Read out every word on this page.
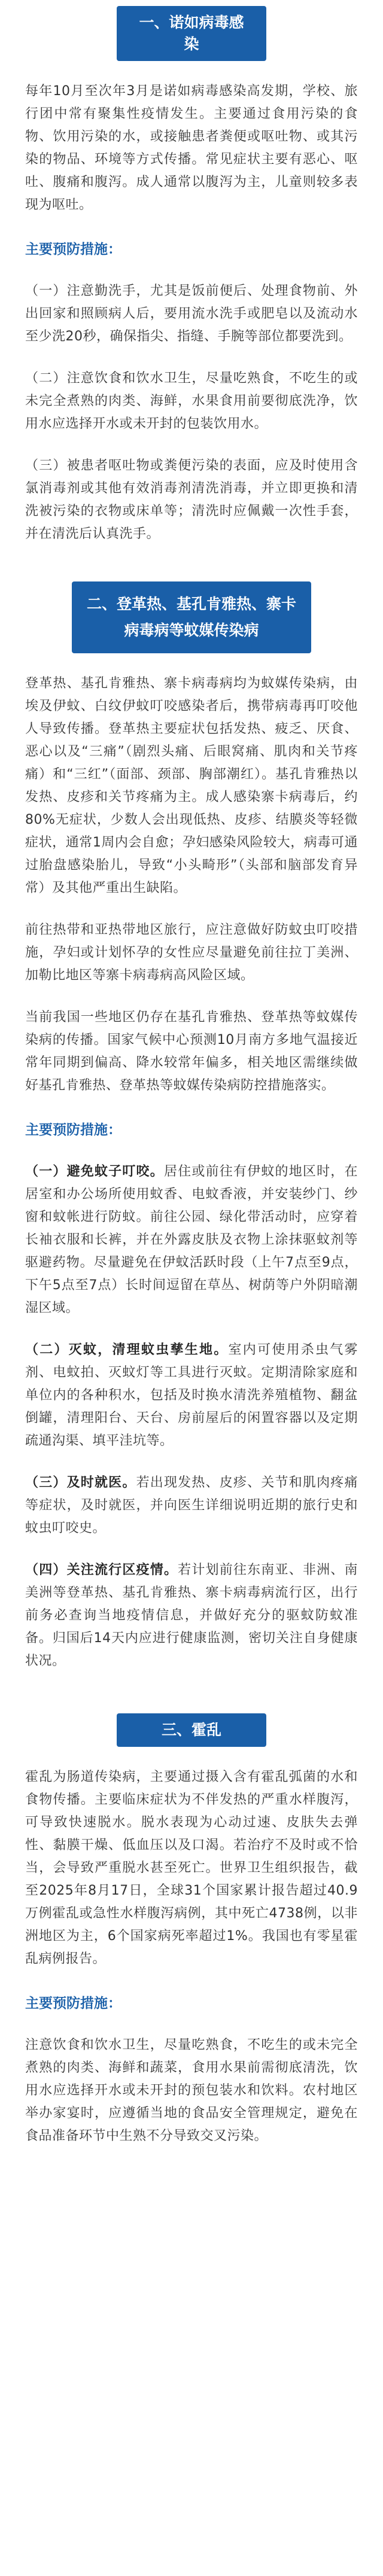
一、诺如病毒感染

每年10月至次年3月是诺如病毒感染高发期，学校、旅行团中常有聚集性疫情发生。主要通过食用污染的食物、饮用污染的水，或接触患者粪便或呕吐物、或其污染的物品、环境等方式传播。常见症状主要有恶心、呕吐、腹痛和腹泻。成人通常以腹泻为主，儿童则较多表现为呕吐。

主要预防措施：

（一）注意勤洗手，尤其是饭前便后、处理食物前、外出回家和照顾病人后，要用流水洗手或肥皂以及流动水至少洗20秒，确保指尖、指缝、手腕等部位都要洗到。

（二）注意饮食和饮水卫生，尽量吃熟食，不吃生的或未完全煮熟的肉类、海鲜，水果食用前要彻底洗净，饮用水应选择开水或未开封的包装饮用水。

（三）被患者呕吐物或粪便污染的表面，应及时使用含氯消毒剂或其他有效消毒剂清洗消毒，并立即更换和清洗被污染的衣物或床单等；清洗时应佩戴一次性手套，并在清洗后认真洗手。

二、登革热、基孔肯雅热、寨卡病毒病等蚊媒传染病

登革热、基孔肯雅热、寨卡病毒病均为蚊媒传染病，由埃及伊蚊、白纹伊蚊叮咬感染者后，携带病毒再叮咬他人导致传播。登革热主要症状包括发热、疲乏、厌食、恶心以及“三痛”（剧烈头痛、后眼窝痛、肌肉和关节疼痛）和“三红”（面部、颈部、胸部潮红）。基孔肯雅热以发热、皮疹和关节疼痛为主。成人感染寨卡病毒后，约80%无症状，少数人会出现低热、皮疹、结膜炎等轻微症状，通常1周内会自愈；孕妇感染风险较大，病毒可通过胎盘感染胎儿，导致“小头畸形”（头部和脑部发育异常）及其他严重出生缺陷。

前往热带和亚热带地区旅行，应注意做好防蚊虫叮咬措施，孕妇或计划怀孕的女性应尽量避免前往拉丁美洲、加勒比地区等寨卡病毒病高风险区域。

当前我国一些地区仍存在基孔肯雅热、登革热等蚊媒传染病的传播。国家气候中心预测10月南方多地气温接近常年同期到偏高、降水较常年偏多，相关地区需继续做好基孔肯雅热、登革热等蚊媒传染病防控措施落实。

主要预防措施：

（一）避免蚊子叮咬。居住或前往有伊蚊的地区时，在居室和办公场所使用蚊香、电蚊香液，并安装纱门、纱窗和蚊帐进行防蚊。前往公园、绿化带活动时，应穿着长袖衣服和长裤，并在外露皮肤及衣物上涂抹驱蚊剂等驱避药物。尽量避免在伊蚊活跃时段（上午7点至9点，下午5点至7点）长时间逗留在草丛、树荫等户外阴暗潮湿区域。

（二）灭蚊，清理蚊虫孳生地。室内可使用杀虫气雾剂、电蚊拍、灭蚊灯等工具进行灭蚊。定期清除家庭和单位内的各种积水，包括及时换水清洗养殖植物、翻盆倒罐，清理阳台、天台、房前屋后的闲置容器以及定期疏通沟渠、填平洼坑等。

（三）及时就医。若出现发热、皮疹、关节和肌肉疼痛等症状，及时就医，并向医生详细说明近期的旅行史和蚊虫叮咬史。

（四）关注流行区疫情。若计划前往东南亚、非洲、南美洲等登革热、基孔肯雅热、寨卡病毒病流行区，出行前务必查询当地疫情信息，并做好充分的驱蚊防蚊准备。归国后14天内应进行健康监测，密切关注自身健康状况。

三、霍乱

霍乱为肠道传染病，主要通过摄入含有霍乱弧菌的水和食物传播。主要临床症状为不伴发热的严重水样腹泻，可导致快速脱水。脱水表现为心动过速、皮肤失去弹性、黏膜干燥、低血压以及口渴。若治疗不及时或不恰当，会导致严重脱水甚至死亡。世界卫生组织报告，截至2025年8月17日，全球31个国家累计报告超过40.9万例霍乱或急性水样腹泻病例，其中死亡4738例，以非洲地区为主，6个国家病死率超过1%。我国也有零星霍乱病例报告。

主要预防措施：

注意饮食和饮水卫生，尽量吃熟食，不吃生的或未完全煮熟的肉类、海鲜和蔬菜，食用水果前需彻底清洗，饮用水应选择开水或未开封的预包装水和饮料。农村地区举办家宴时，应遵循当地的食品安全管理规定，避免在食品准备环节中生熟不分导致交叉污染。
